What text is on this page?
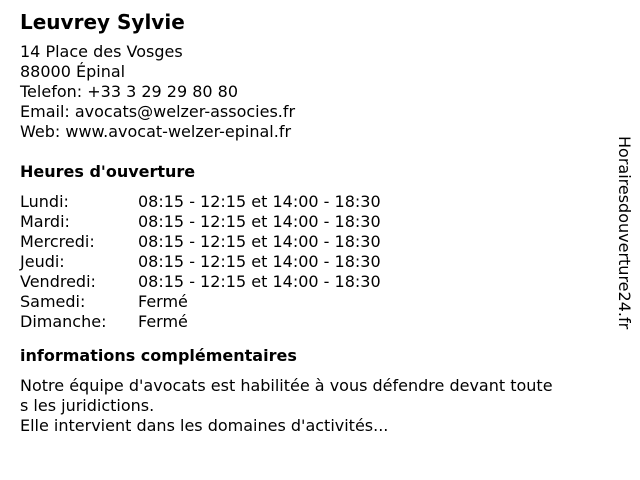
Leuvrey Sylvie
14 Place des Vosges
88000 Épinal
Telefon: +33 3 29 29 80 80
Email: avocats@welzer-associes.fr
Web: www.avocat-welzer-epinal.fr
Heures d'ouverture
Lundi:	08:15 - 12:15 et 14:00 - 18:30
Mardi:	08:15 - 12:15 et 14:00 - 18:30
Mercredi:	08:15 - 12:15 et 14:00 - 18:30
Jeudi:	08:15 - 12:15 et 14:00 - 18:30
Vendredi:	08:15 - 12:15 et 14:00 - 18:30
Samedi:	Fermé
Dimanche:	Fermé
informations complémentaires
Notre équipe d'avocats est habilitée à vous défendre devant toute
s les juridictions.
Elle intervient dans les domaines d'activités...
Horairesdouverture24.fr
